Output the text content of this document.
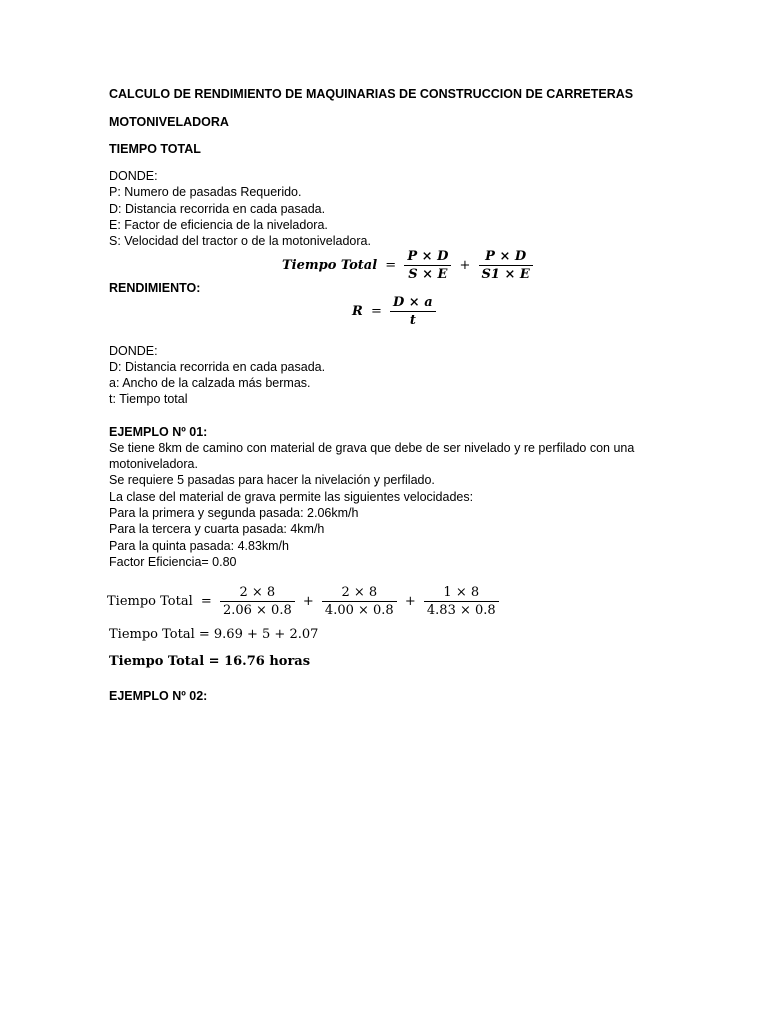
CALCULO DE RENDIMIENTO DE MAQUINARIAS DE CONSTRUCCION DE CARRETERAS
MOTONIVELADORA
TIEMPO TOTAL
DONDE:
P: Numero de pasadas Requerido.
D: Distancia recorrida en cada pasada.
E: Factor de eficiencia de la niveladora.
S: Velocidad del tractor o de la motoniveladora.
Tiempo Total = $\frac{P \times D}{S \times E} + \frac{P \times D}{S1 \times E}$
RENDIMIENTO:
$R = \frac{D \times a}{t}$
DONDE:
D: Distancia recorrida en cada pasada.
a: Ancho de la calzada más bermas.
t: Tiempo total
EJEMPLO Nº 01:
Se tiene 8km de camino con material de grava que debe de ser nivelado y re perfilado con una
motoniveladora.
Se requiere 5 pasadas para hacer la nivelación y perfilado.
La clase del material de grava permite las siguientes velocidades:
Para la primera y segunda pasada: 2.06km/h
Para la tercera y cuarta pasada: 4km/h
Para la quinta pasada: 4.83km/h
Factor Eficiencia= 0.80
Tiempo Total = $\frac{2 \times 8}{2.06 \times 0.8} + \frac{2 \times 8}{4.00 \times 0.8} + \frac{1 \times 8}{4.83 \times 0.8}$
Tiempo Total = 9.69 + 5 + 2.07
Tiempo Total = 16.76 horas
EJEMPLO Nº 02:
